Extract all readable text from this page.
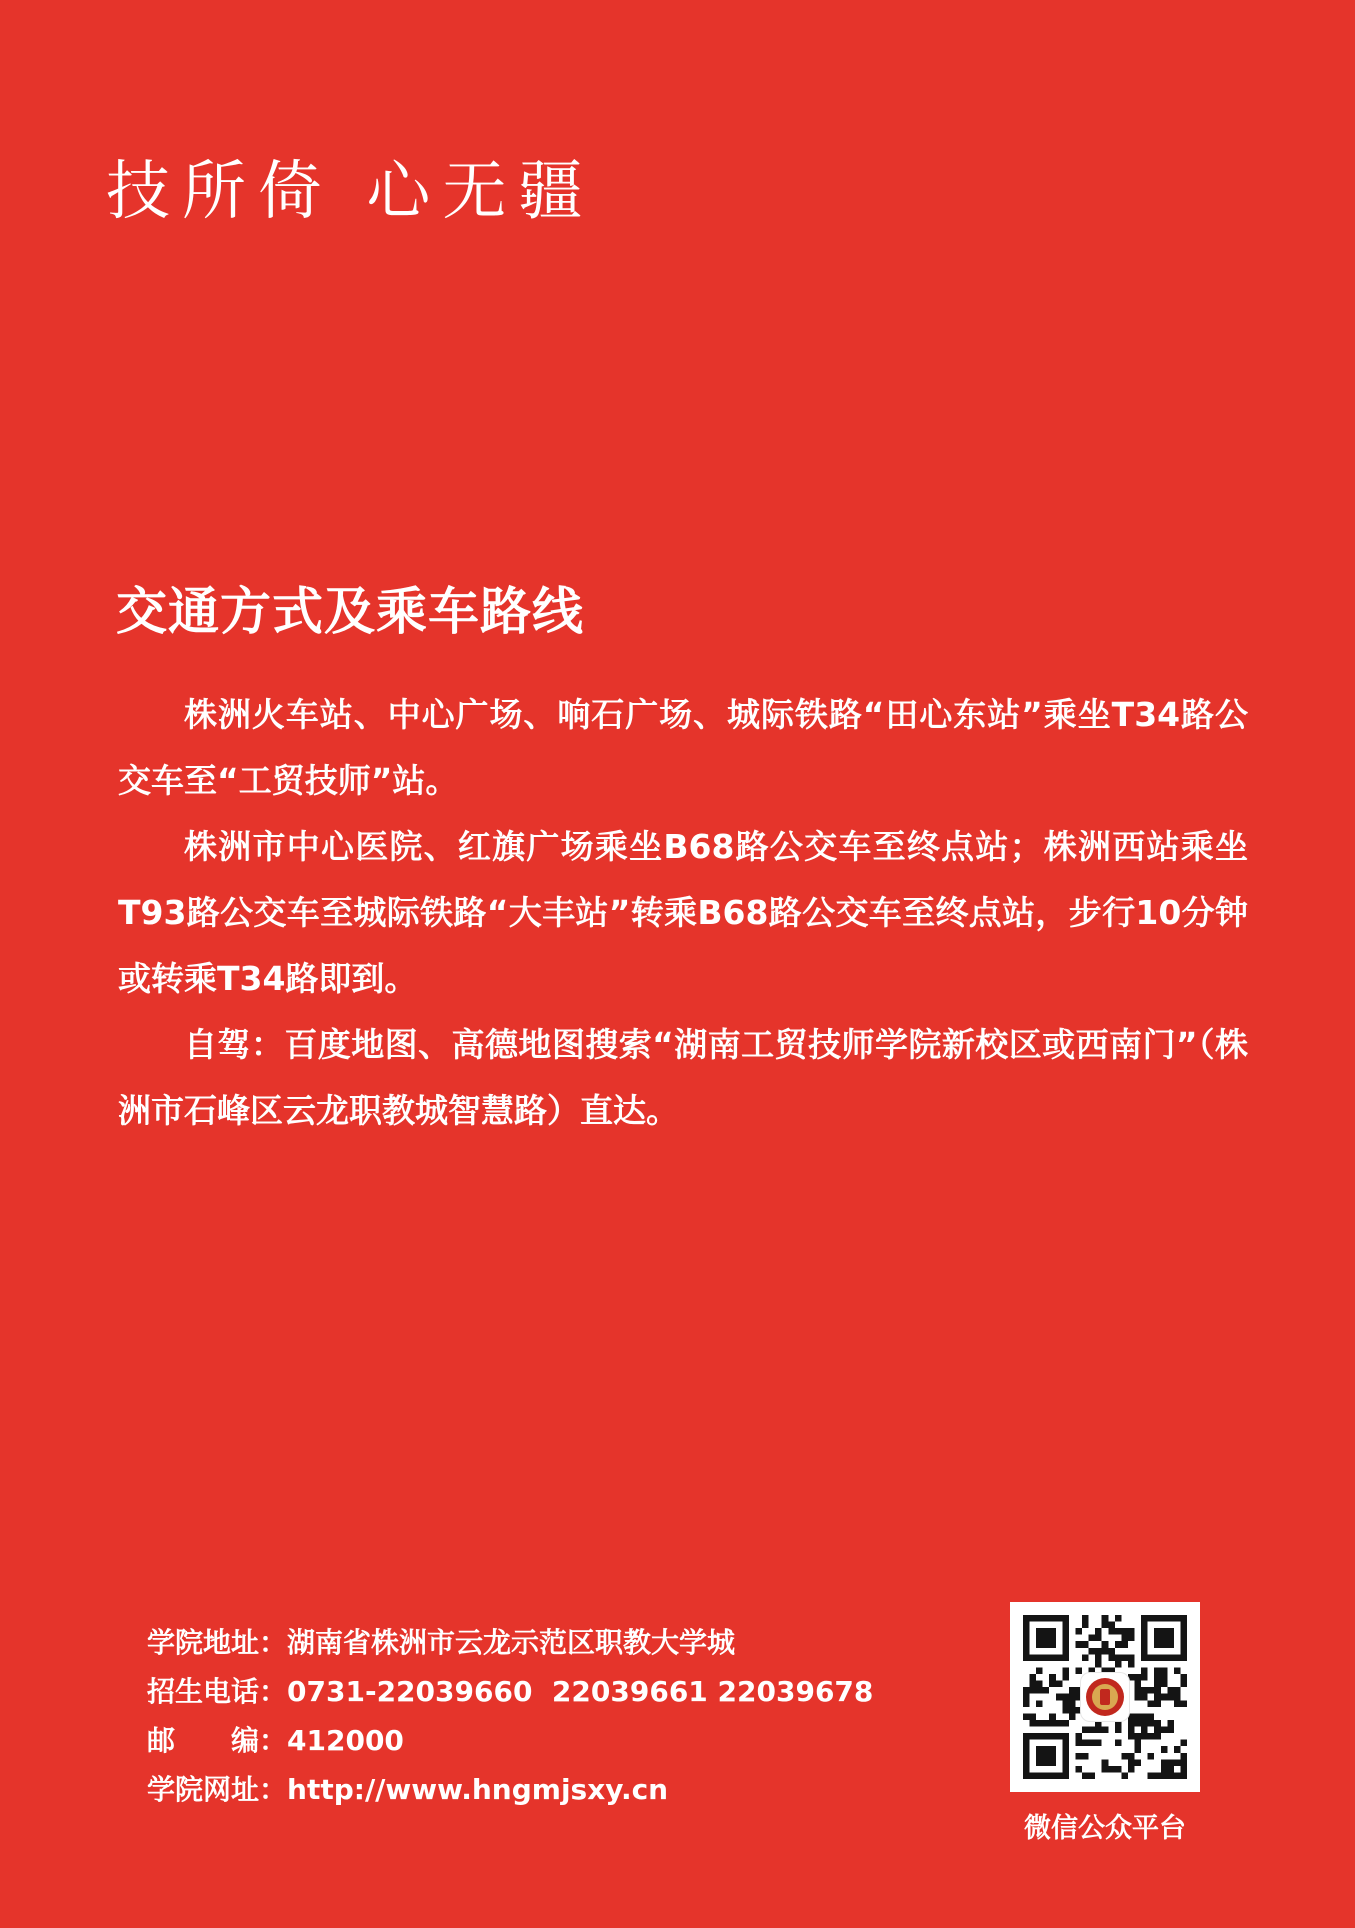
技所倚 心无疆
交通方式及乘车路线

株洲火车站、中心广场、响石广场、城际铁路“田心东站”乘坐T34路公交车至“工贸技师”站。

株洲市中心医院、红旗广场乘坐B68路公交车至终点站；株洲西站乘坐T93路公交车至城际铁路“大丰站”转乘B68路公交车至终点站，步行10分钟或转乘T34路即到。

自驾：百度地图、高德地图搜索“湖南工贸技师学院新校区或西南门”（株洲市石峰区云龙职教城智慧路）直达。

学院地址：湖南省株洲市云龙示范区职教大学城
招生电话：0731-22039660  22039661 22039678
邮编：412000
学院网址：http://www.hngmjsxy.cn
微信公众平台
